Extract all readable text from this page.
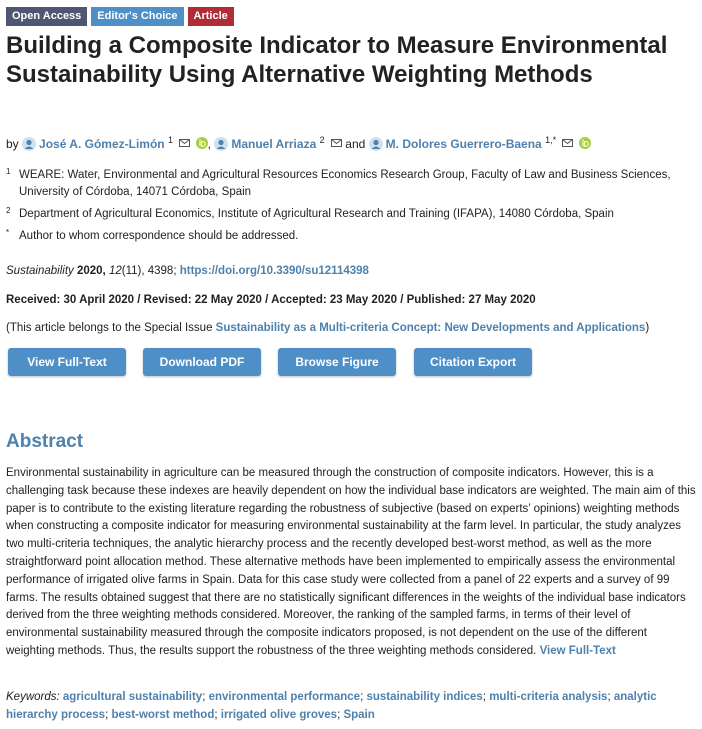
Open Access	Editor's Choice	Article
Building a Composite Indicator to Measure Environmental Sustainability Using Alternative Weighting Methods
by José A. Gómez-Limón $^1$	, Manuel Arriaza $^2$ and M. Dolores Guerrero-Baena $^{1,*}$
1 WEARE: Water, Environmental and Agricultural Resources Economics Research Group, Faculty of Law and Business Sciences, University of Córdoba, 14071 Córdoba, Spain
2 Department of Agricultural Economics, Institute of Agricultural Research and Training (IFAPA), 14080 Córdoba, Spain
* Author to whom correspondence should be addressed.
Sustainability 2020, 12(11), 4398; https://doi.org/10.3390/su12114398
Received: 30 April 2020 / Revised: 22 May 2020 / Accepted: 23 May 2020 / Published: 27 May 2020
(This article belongs to the Special Issue Sustainability as a Multi-criteria Concept: New Developments and Applications)
View Full-Text	Download PDF	Browse Figure	Citation Export
Abstract

Environmental sustainability in agriculture can be measured through the construction of composite indicators. However, this is a challenging task because these indexes are heavily dependent on how the individual base indicators are weighted. The main aim of this paper is to contribute to the existing literature regarding the robustness of subjective (based on experts’ opinions) weighting methods when constructing a composite indicator for measuring environmental sustainability at the farm level. In particular, the study analyzes two multi-criteria techniques, the analytic hierarchy process and the recently developed best-worst method, as well as the more straightforward point allocation method. These alternative methods have been implemented to empirically assess the environmental performance of irrigated olive farms in Spain. Data for this case study were collected from a panel of 22 experts and a survey of 99 farms. The results obtained suggest that there are no statistically significant differences in the weights of the individual base indicators derived from the three weighting methods considered. Moreover, the ranking of the sampled farms, in terms of their level of environmental sustainability measured through the composite indicators proposed, is not dependent on the use of the different weighting methods. Thus, the results support the robustness of the three weighting methods considered. View Full-Text

Keywords: agricultural sustainability; environmental performance; sustainability indices; multi-criteria analysis; analytic hierarchy process; best-worst method; irrigated olive groves; Spain
